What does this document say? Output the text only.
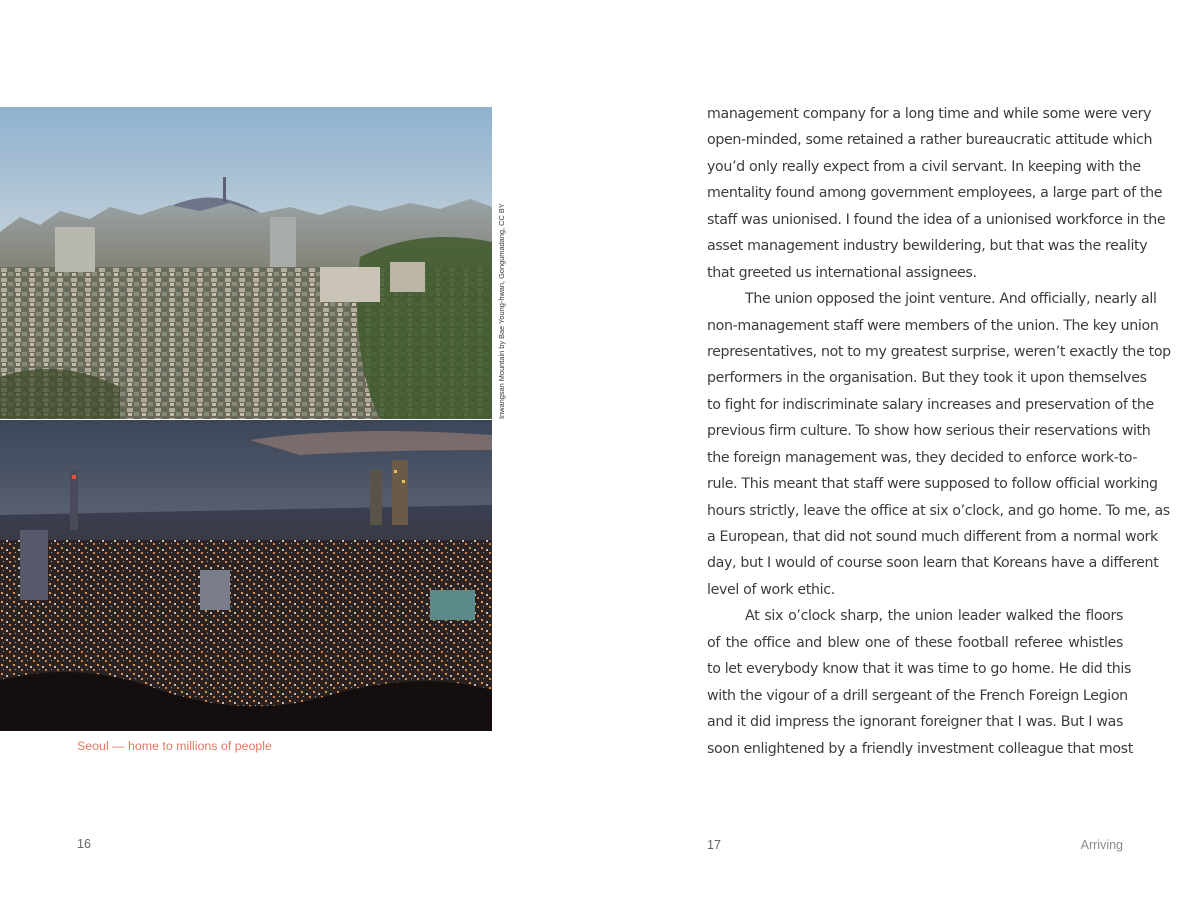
Inwangsan Mountain by Bae Young-hwan, Gongumadang, CC BY
Seoul — home to millions of people
16
management company for a long time and while some were very
open-minded, some retained a rather bureaucratic attitude which
you’d only really expect from a civil servant. In keeping with the
mentality found among government employees, a large part of the
staff was unionised. I found the idea of a unionised workforce in the
asset management industry bewildering, but that was the reality
that greeted us international assignees.
The union opposed the joint venture. And officially, nearly all
non-management staff were members of the union. The key union
representatives, not to my greatest surprise, weren’t exactly the top
performers in the organisation. But they took it upon themselves
to fight for indiscriminate salary increases and preservation of the
previous firm culture. To show how serious their reservations with
the foreign management was, they decided to enforce work-to-
rule. This meant that staff were supposed to follow official working
hours strictly, leave the office at six o’clock, and go home. To me, as
a European, that did not sound much different from a normal work
day, but I would of course soon learn that Koreans have a different
level of work ethic.
At six o’clock sharp, the union leader walked the floors
of the office and blew one of these football referee whistles
to let everybody know that it was time to go home. He did this
with the vigour of a drill sergeant of the French Foreign Legion
and it did impress the ignorant foreigner that I was. But I was
soon enlightened by a friendly investment colleague that most
17	Arriving
